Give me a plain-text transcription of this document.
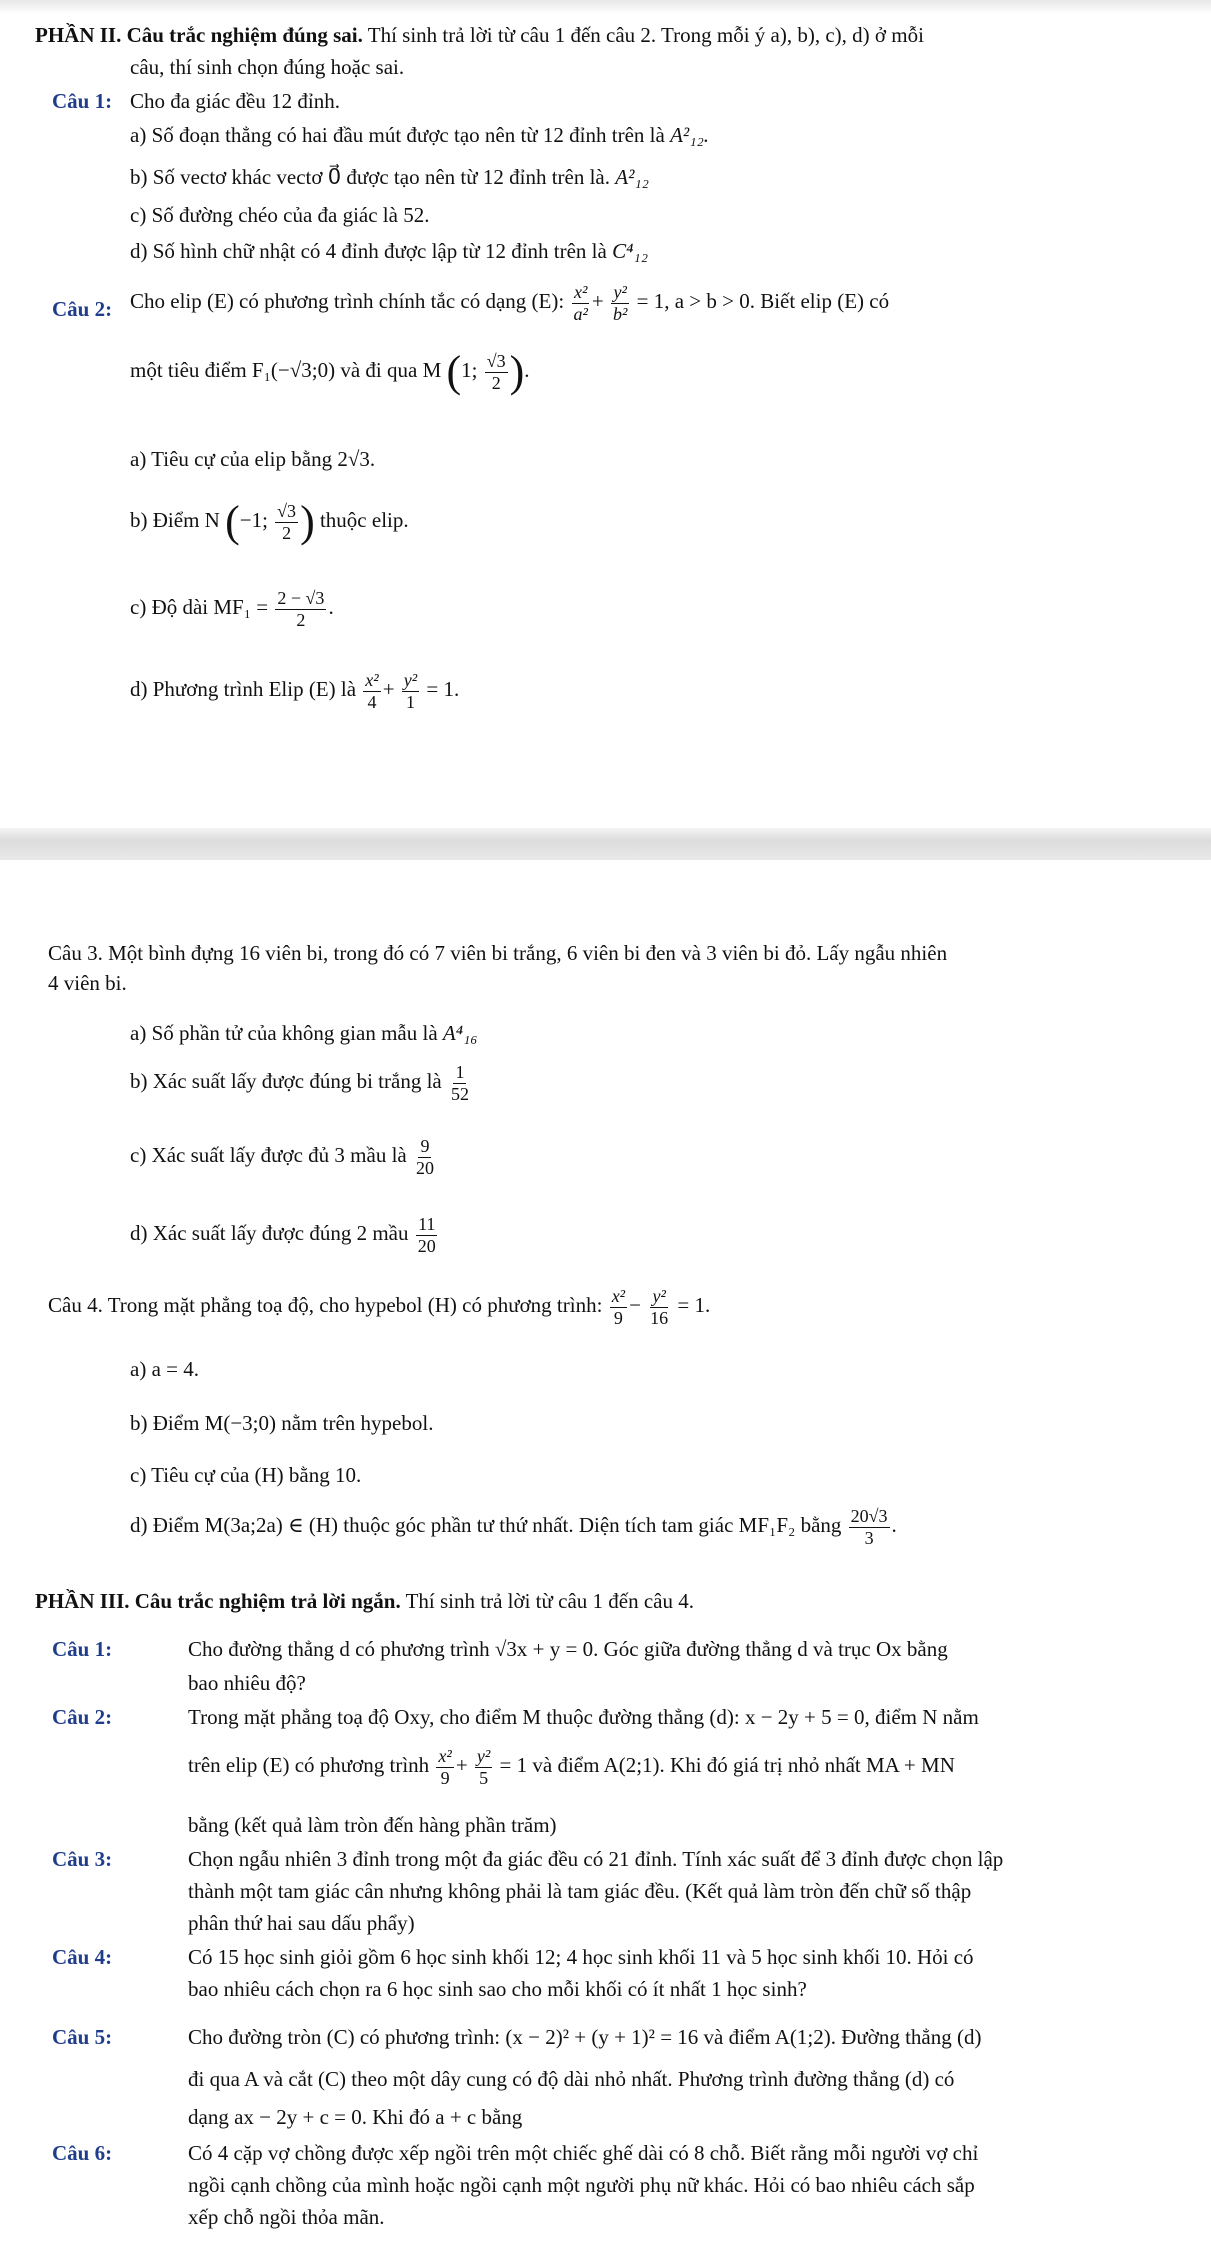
PHẦN II. Câu trắc nghiệm đúng sai. Thí sinh trả lời từ câu 1 đến câu 2. Trong mỗi ý a), b), c), d) ở mỗi
câu, thí sinh chọn đúng hoặc sai.
Câu 1: Cho đa giác đều 12 đỉnh.
a) Số đoạn thẳng có hai đầu mút được tạo nên từ 12 đỉnh trên là A²₁₂.
b) Số vectơ khác vectơ 0⃗ được tạo nên từ 12 đỉnh trên là. A²₁₂
c) Số đường chéo của đa giác là 52.
d) Số hình chữ nhật có 4 đỉnh được lập từ 12 đỉnh trên là C⁴₁₂
Câu 2: Cho elip (E) có phương trình chính tắc có dạng (E): $\frac{\text{x²}}{\text{a²}} + \frac{\text{y²}}{\text{b²}} = 1$, a > b > 0. Biết elip (E) có
một tiêu điểm F₁(−√3;0) và đi qua M (1; $\frac{√3}{2}$ ).
a) Tiêu cự của elip bằng 2√3.
b) Điểm N (−1; $\frac{√3}{2}$ ) thuộc elip.
c) Độ dài $MF_1 = \frac{2 - √3}{2}$ .
d) Phương trình Elip (E) là $\frac{\text{x²}}{4} + \frac{\text{y²}}{1} = 1$.
Câu 3. Một bình đựng 16 viên bi, trong đó có 7 viên bi trắng, 6 viên bi đen và 3 viên bi đỏ. Lấy ngẫu nhiên
4 viên bi.
a) Số phần tử của không gian mẫu là A⁴₁₆
b) Xác suất lấy được đúng bi trắng là $\frac{1}{52}$
c) Xác suất lấy được đủ 3 mầu là $\frac{9}{20}$
d) Xác suất lấy được đúng 2 mầu $\frac{11}{20}$
Câu 4. Trong mặt phẳng toạ độ, cho hypebol (H) có phương trình: $\frac{\text{x²}}{9} - \frac{\text{y²}}{16} = 1$.
a) a = 4.
b) Điểm M(−3;0) nằm trên hypebol.
c) Tiêu cự của (H) bằng 10.
d) Điểm M(3a;2a) ∈ (H) thuộc góc phần tư thứ nhất. Diện tích tam giác MF₁F₂ bằng $\frac{20√3}{3}$ .
PHẦN III. Câu trắc nghiệm trả lời ngắn. Thí sinh trả lời từ câu 1 đến câu 4.
Câu 1:	Cho đường thẳng d có phương trình √3x + y = 0. Góc giữa đường thẳng d và trục Ox bằng
bao nhiêu độ?
Câu 2:	Trong mặt phẳng toạ độ Oxy, cho điểm M thuộc đường thẳng (d): x − 2y + 5 = 0, điểm N nằm
trên elip (E) có phương trình $\frac{\text{x²}}{9} + \frac{\text{y²}}{5} = 1$ và điểm A(2;1). Khi đó giá trị nhỏ nhất MA + MN
bằng (kết quả làm tròn đến hàng phần trăm)
Câu 3:	Chọn ngẫu nhiên 3 đỉnh trong một đa giác đều có 21 đỉnh. Tính xác suất để 3 đỉnh được chọn lập
thành một tam giác cân nhưng không phải là tam giác đều. (Kết quả làm tròn đến chữ số thập
phân thứ hai sau dấu phẩy)
Câu 4:	Có 15 học sinh giỏi gồm 6 học sinh khối 12; 4 học sinh khối 11 và 5 học sinh khối 10. Hỏi có
bao nhiêu cách chọn ra 6 học sinh sao cho mỗi khối có ít nhất 1 học sinh?
Câu 5:	Cho đường tròn (C) có phương trình: (x − 2)² + (y + 1)² = 16 và điểm A(1;2). Đường thẳng (d)
đi qua A và cắt (C) theo một dây cung có độ dài nhỏ nhất. Phương trình đường thẳng (d) có
dạng ax − 2y + c = 0. Khi đó a + c bằng
Câu 6:	Có 4 cặp vợ chồng được xếp ngồi trên một chiếc ghế dài có 8 chỗ. Biết rằng mỗi người vợ chỉ
ngồi cạnh chồng của mình hoặc ngồi cạnh một người phụ nữ khác. Hỏi có bao nhiêu cách sắp
xếp chỗ ngồi thỏa mãn.
